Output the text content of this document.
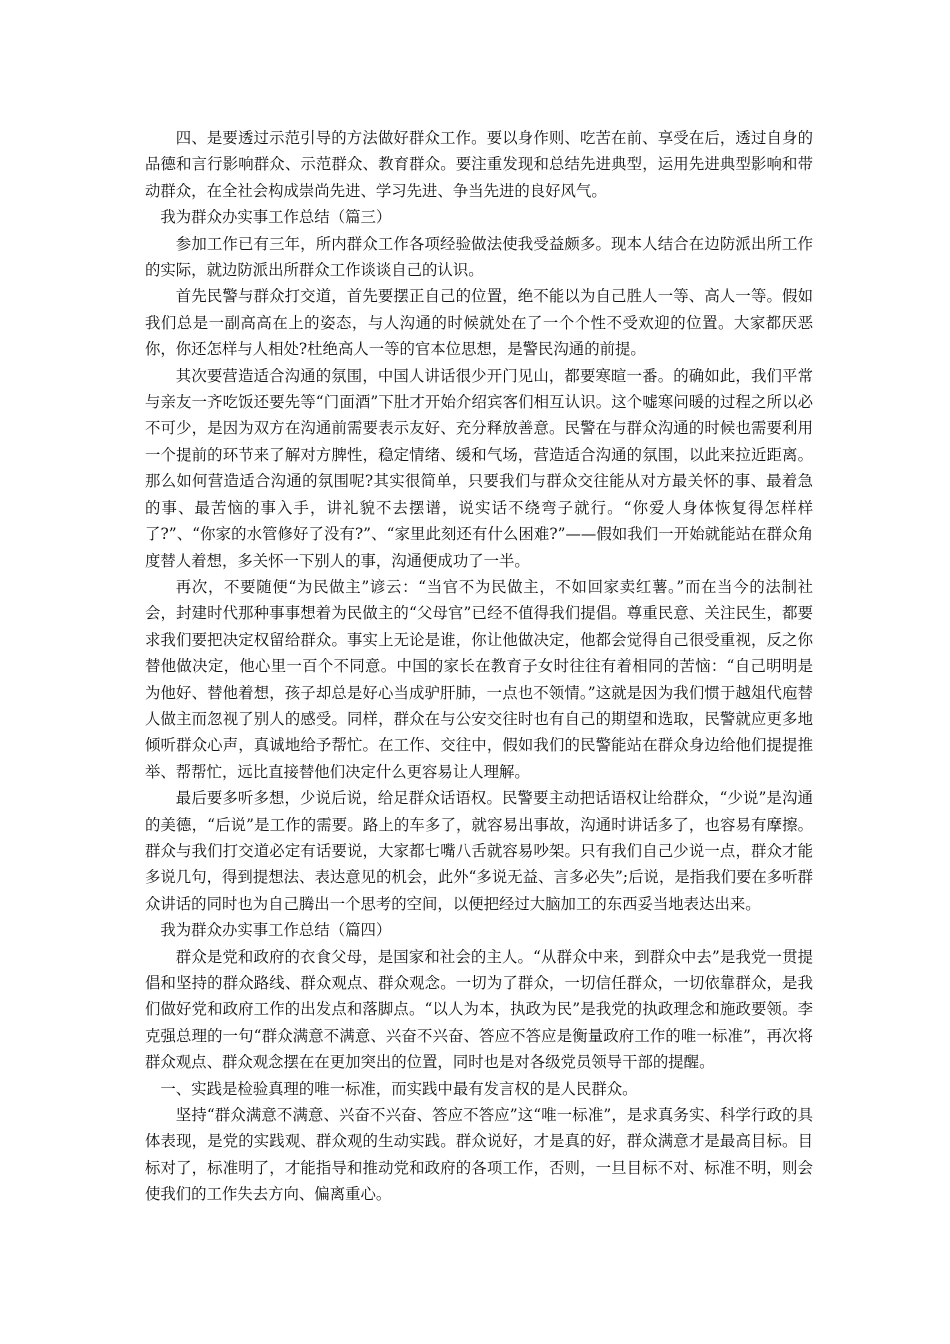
四、是要透过示范引导的方法做好群众工作。要以身作则、吃苦在前、享受在后，透过自身的品德和言行影响群众、示范群众、教育群众。要注重发现和总结先进典型，运用先进典型影响和带动群众，在全社会构成崇尚先进、学习先进、争当先进的良好风气。

我为群众办实事工作总结（篇三）

参加工作已有三年，所内群众工作各项经验做法使我受益颇多。现本人结合在边防派出所工作的实际，就边防派出所群众工作谈谈自己的认识。

首先民警与群众打交道，首先要摆正自己的位置，绝不能以为自己胜人一等、高人一等。假如我们总是一副高高在上的姿态，与人沟通的时候就处在了一个个性不受欢迎的位置。大家都厌恶你，你还怎样与人相处?杜绝高人一等的官本位思想，是警民沟通的前提。

其次要营造适合沟通的氛围，中国人讲话很少开门见山，都要寒暄一番。的确如此，我们平常与亲友一齐吃饭还要先等“门面酒”下肚才开始介绍宾客们相互认识。这个嘘寒问暖的过程之所以必不可少，是因为双方在沟通前需要表示友好、充分释放善意。民警在与群众沟通的时候也需要利用一个提前的环节来了解对方脾性，稳定情绪、缓和气场，营造适合沟通的氛围，以此来拉近距离。那么如何营造适合沟通的氛围呢?其实很简单，只要我们与群众交往能从对方最关怀的事、最着急的事、最苦恼的事入手，讲礼貌不去摆谱，说实话不绕弯子就行。“你爱人身体恢复得怎样样了?”、“你家的水管修好了没有?”、“家里此刻还有什么困难?”——假如我们一开始就能站在群众角度替人着想，多关怀一下别人的事，沟通便成功了一半。

再次，不要随便“为民做主”谚云：“当官不为民做主，不如回家卖红薯。”而在当今的法制社会，封建时代那种事事想着为民做主的“父母官”已经不值得我们提倡。尊重民意、关注民生，都要求我们要把决定权留给群众。事实上无论是谁，你让他做决定，他都会觉得自己很受重视，反之你替他做决定，他心里一百个不同意。中国的家长在教育子女时往往有着相同的苦恼：“自己明明是为他好、替他着想，孩子却总是好心当成驴肝肺，一点也不领情。”这就是因为我们惯于越俎代庖替人做主而忽视了别人的感受。同样，群众在与公安交往时也有自己的期望和选取，民警就应更多地倾听群众心声，真诚地给予帮忙。在工作、交往中，假如我们的民警能站在群众身边给他们提提推举、帮帮忙，远比直接替他们决定什么更容易让人理解。

最后要多听多想，少说后说，给足群众话语权。民警要主动把话语权让给群众，“少说”是沟通的美德，“后说”是工作的需要。路上的车多了，就容易出事故，沟通时讲话多了，也容易有摩擦。群众与我们打交道必定有话要说，大家都七嘴八舌就容易吵架。只有我们自己少说一点，群众才能多说几句，得到提想法、表达意见的机会，此外“多说无益、言多必失”;后说，是指我们要在多听群众讲话的同时也为自己腾出一个思考的空间，以便把经过大脑加工的东西妥当地表达出来。

我为群众办实事工作总结（篇四）

群众是党和政府的衣食父母，是国家和社会的主人。“从群众中来，到群众中去”是我党一贯提倡和坚持的群众路线、群众观点、群众观念。一切为了群众，一切信任群众，一切依靠群众，是我们做好党和政府工作的出发点和落脚点。“以人为本，执政为民”是我党的执政理念和施政要领。李克强总理的一句“群众满意不满意、兴奋不兴奋、答应不答应是衡量政府工作的唯一标准”，再次将群众观点、群众观念摆在在更加突出的位置，同时也是对各级党员领导干部的提醒。

一、实践是检验真理的唯一标准，而实践中最有发言权的是人民群众。

坚持“群众满意不满意、兴奋不兴奋、答应不答应”这“唯一标准”，是求真务实、科学行政的具体表现，是党的实践观、群众观的生动实践。群众说好，才是真的好，群众满意才是最高目标。目标对了，标准明了，才能指导和推动党和政府的各项工作，否则，一旦目标不对、标准不明，则会使我们的工作失去方向、偏离重心。
